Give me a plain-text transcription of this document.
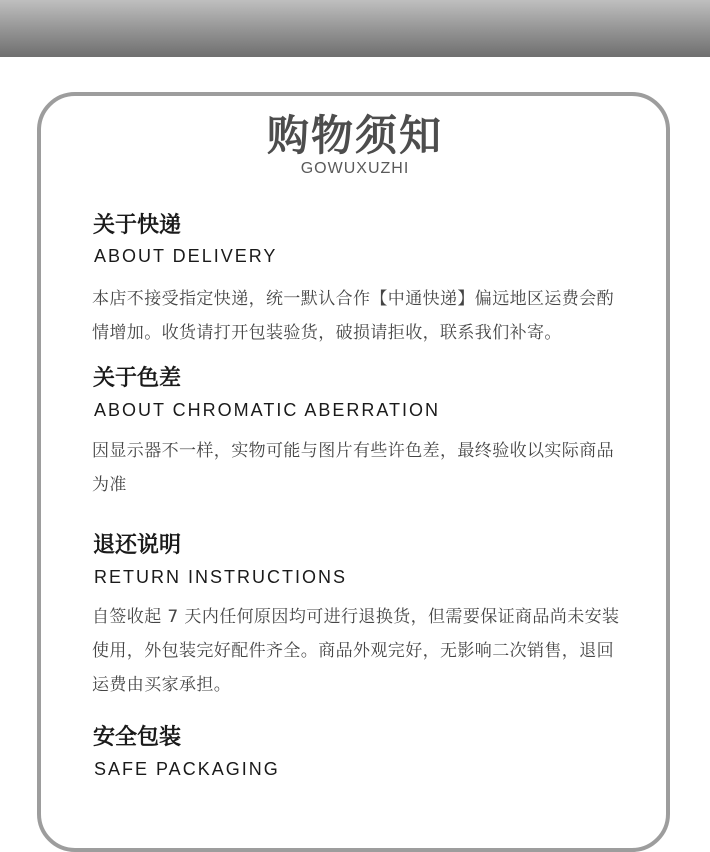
购物须知
GOWUXUZHI
关于快递
ABOUT DELIVERY
本店不接受指定快递，统一默认合作【中通快递】偏远地区运费会酌情增加。收货请打开包装验货，破损请拒收，联系我们补寄。
关于色差
ABOUT CHROMATIC ABERRATION
因显示器不一样，实物可能与图片有些许色差，最终验收以实际商品为准
退还说明
RETURN INSTRUCTIONS
自签收起 7 天内任何原因均可进行退换货，但需要保证商品尚未安装使用，外包装完好配件齐全。商品外观完好，无影响二次销售，退回运费由买家承担。
安全包装
SAFE PACKAGING
